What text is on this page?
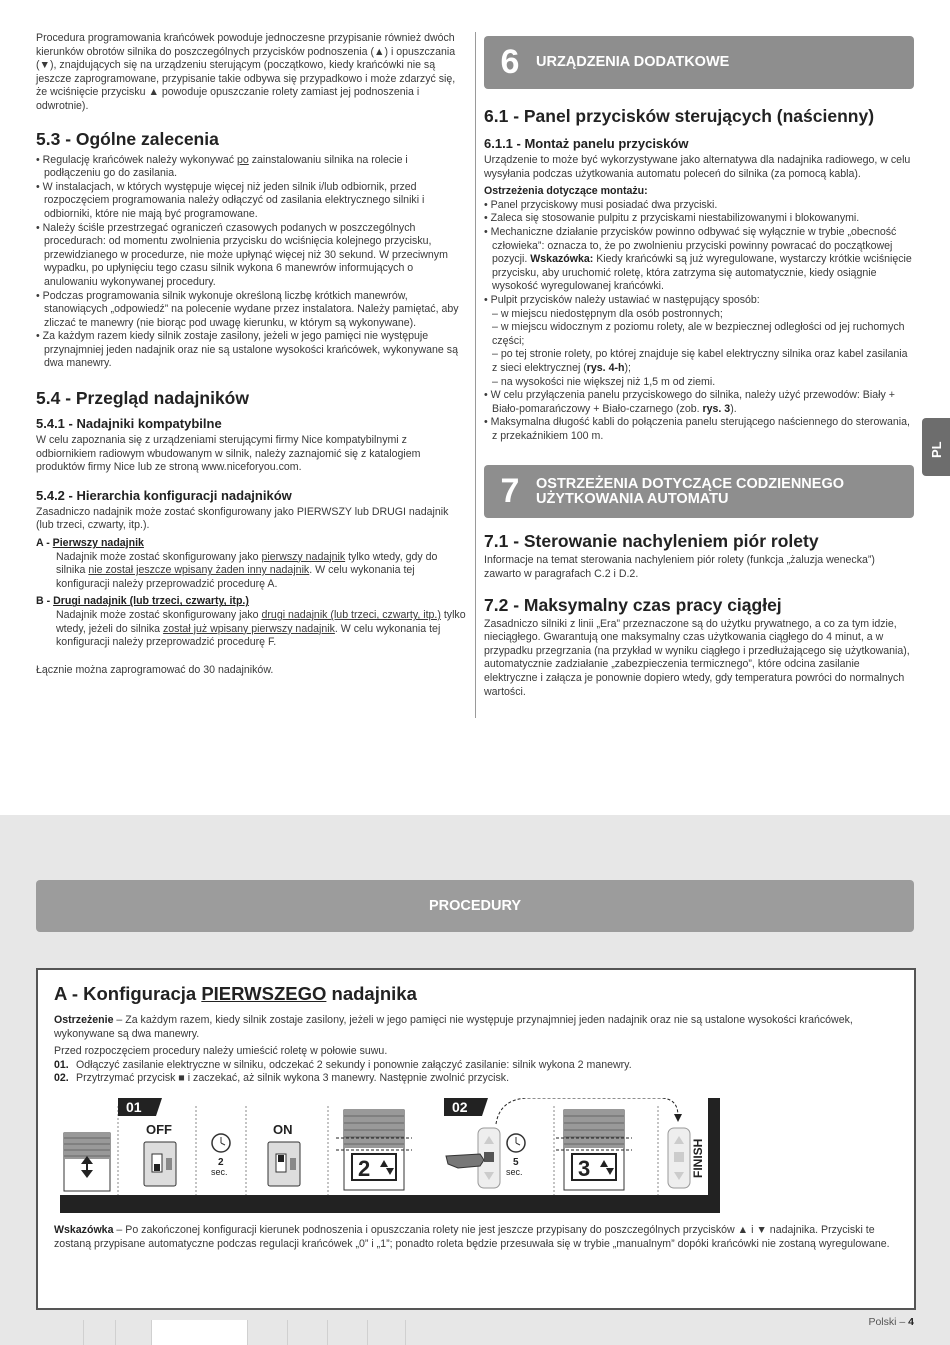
Procedura programowania krańcówek powoduje jednoczesne przypisanie również dwóch kierunków obrotów silnika do poszczególnych przycisków podnoszenia (▲) i opuszczania (▼), znajdujących się na urządzeniu sterującym (początkowo, kiedy krańcówki nie są jeszcze zaprogramowane, przypisanie takie odbywa się przypadkowo i może zdarzyć się, że wciśnięcie przycisku ▲ powoduje opuszczanie rolety zamiast jej podnoszenia i odwrotnie).

5.3 - Ogólne zalecenia

• Regulację krańcówek należy wykonywać po zainstalowaniu silnika na rolecie i podłączeniu go do zasilania.

• W instalacjach, w których występuje więcej niż jeden silnik i/lub odbiornik, przed rozpoczęciem programowania należy odłączyć od zasilania elektrycznego silniki i odbiorniki, które nie mają być programowane.

• Należy ściśle przestrzegać ograniczeń czasowych podanych w poszczególnych procedurach: od momentu zwolnienia przycisku do wciśnięcia kolejnego przycisku, przewidzianego w procedurze, nie może upłynąć więcej niż 30 sekund. W przeciwnym wypadku, po upłynięciu tego czasu silnik wykona 6 manewrów informujących o anulowaniu wykonywanej procedury.

• Podczas programowania silnik wykonuje określoną liczbę krótkich manewrów, stanowiących „odpowiedź” na polecenie wydane przez instalatora. Należy pamiętać, aby zliczać te manewry (nie biorąc pod uwagę kierunku, w którym są wykonywane).

• Za każdym razem kiedy silnik zostaje zasilony, jeżeli w jego pamięci nie występuje przynajmniej jeden nadajnik oraz nie są ustalone wysokości krańcówek, wykonywane są dwa manewry.

5.4 - Przegląd nadajników
5.4.1 - Nadajniki kompatybilne

W celu zapoznania się z urządzeniami sterującymi firmy Nice kompatybilnymi z odbiornikiem radiowym wbudowanym w silnik, należy zaznajomić się z katalogiem produktów firmy Nice lub ze stroną www.niceforyou.com.

5.4.2 - Hierarchia konfiguracji nadajników

Zasadniczo nadajnik może zostać skonfigurowany jako PIERWSZY lub DRUGI nadajnik (lub trzeci, czwarty, itp.).

A - Pierwszy nadajnik

Nadajnik może zostać skonfigurowany jako pierwszy nadajnik tylko wtedy, gdy do silnika nie został jeszcze wpisany żaden inny nadajnik. W celu wykonania tej konfiguracji należy przeprowadzić procedurę A.

B - Drugi nadajnik (lub trzeci, czwarty, itp.)

Nadajnik może zostać skonfigurowany jako drugi nadajnik (lub trzeci, czwarty, itp.) tylko wtedy, jeżeli do silnika został już wpisany pierwszy nadajnik. W celu wykonania tej konfiguracji należy przeprowadzić procedurę F.

Łącznie można zaprogramować do 30 nadajników.

6	URZĄDZENIA DODATKOWE
6.1 - Panel przycisków sterujących (naścienny)
6.1.1 - Montaż panelu przycisków

Urządzenie to może być wykorzystywane jako alternatywa dla nadajnika radiowego, w celu wysyłania podczas użytkowania automatu poleceń do silnika (za pomocą kabla).

Ostrzeżenia dotyczące montażu:

• Panel przyciskowy musi posiadać dwa przyciski.

• Zaleca się stosowanie pulpitu z przyciskami niestabilizowanymi i blokowanymi.

• Mechaniczne działanie przycisków powinno odbywać się wyłącznie w trybie „obecność człowieka”: oznacza to, że po zwolnieniu przyciski powinny powracać do początkowej pozycji. Wskazówka: Kiedy krańcówki są już wyregulowane, wystarczy krótkie wciśnięcie przycisku, aby uruchomić roletę, która zatrzyma się automatycznie, kiedy osiągnie wysokość wyregulowanej krańcówki.

• Pulpit przycisków należy ustawiać w następujący sposób:

– w miejscu niedostępnym dla osób postronnych;

– w miejscu widocznym z poziomu rolety, ale w bezpiecznej odległości od jej ruchomych części;

– po tej stronie rolety, po której znajduje się kabel elektryczny silnika oraz kabel zasilania z sieci elektrycznej (rys. 4-h);

– na wysokości nie większej niż 1,5 m od ziemi.

• W celu przyłączenia panelu przyciskowego do silnika, należy użyć przewodów: Biały + Biało-pomarańczowy + Biało-czarnego (zob. rys. 3).

• Maksymalna długość kabli do połączenia panelu sterującego naściennego do sterowania, z przekaźnikiem 100 m.

7	OSTRZEŻENIA DOTYCZĄCE CODZIENNEGO UŻYTKOWANIA AUTOMATU
7.1 - Sterowanie nachyleniem piór rolety

Informacje na temat sterowania nachyleniem piór rolety (funkcja „żaluzja wenecka”) zawarto w paragrafach C.2 i D.2.

7.2 - Maksymalny czas pracy ciągłej

Zasadniczo silniki z linii „Era” przeznaczone są do użytku prywatnego, a co za tym idzie, nieciągłego. Gwarantują one maksymalny czas użytkowania ciągłego do 4 minut, a w przypadku przegrzania (na przykład w wyniku ciągłego i przedłużającego się użytkowania), automatycznie zadziałanie „zabezpieczenia termicznego”, które odcina zasilanie elektryczne i załącza je ponownie dopiero wtedy, gdy temperatura powróci do normalnych wartości.

PL
PROCEDURY
A - Konfiguracja PIERWSZEGO nadajnika

Ostrzeżenie – Za każdym razem, kiedy silnik zostaje zasilony, jeżeli w jego pamięci nie występuje przynajmniej jeden nadajnik oraz nie są ustalone wysokości krańcówek, wykonywane są dwa manewry.

Przed rozpoczęciem procedury należy umieścić roletę w połowie suwu.

01. Odłączyć zasilanie elektryczne w silniku, odczekać 2 sekundy i ponownie załączyć zasilanie: silnik wykona 2 manewry.
02. Przytrzymać przycisk ■ i zaczekać, aż silnik wykona 3 manewry. Następnie zwolnić przycisk.

Wskazówka – Po zakończonej konfiguracji kierunek podnoszenia i opuszczania rolety nie jest jeszcze przypisany do poszczególnych przycisków ▲ i ▼ nadajnika. Przyciski te zostaną przypisane automatyczne podczas regulacji krańcówek „0” i „1”; ponadto roleta będzie przesuwała się w trybie „manualnym” dopóki krańcówki nie zostaną wyregulowane.

01
OFF
2
sec.
ON
2
02
5
sec.	3	FINISH
Polski – 4
